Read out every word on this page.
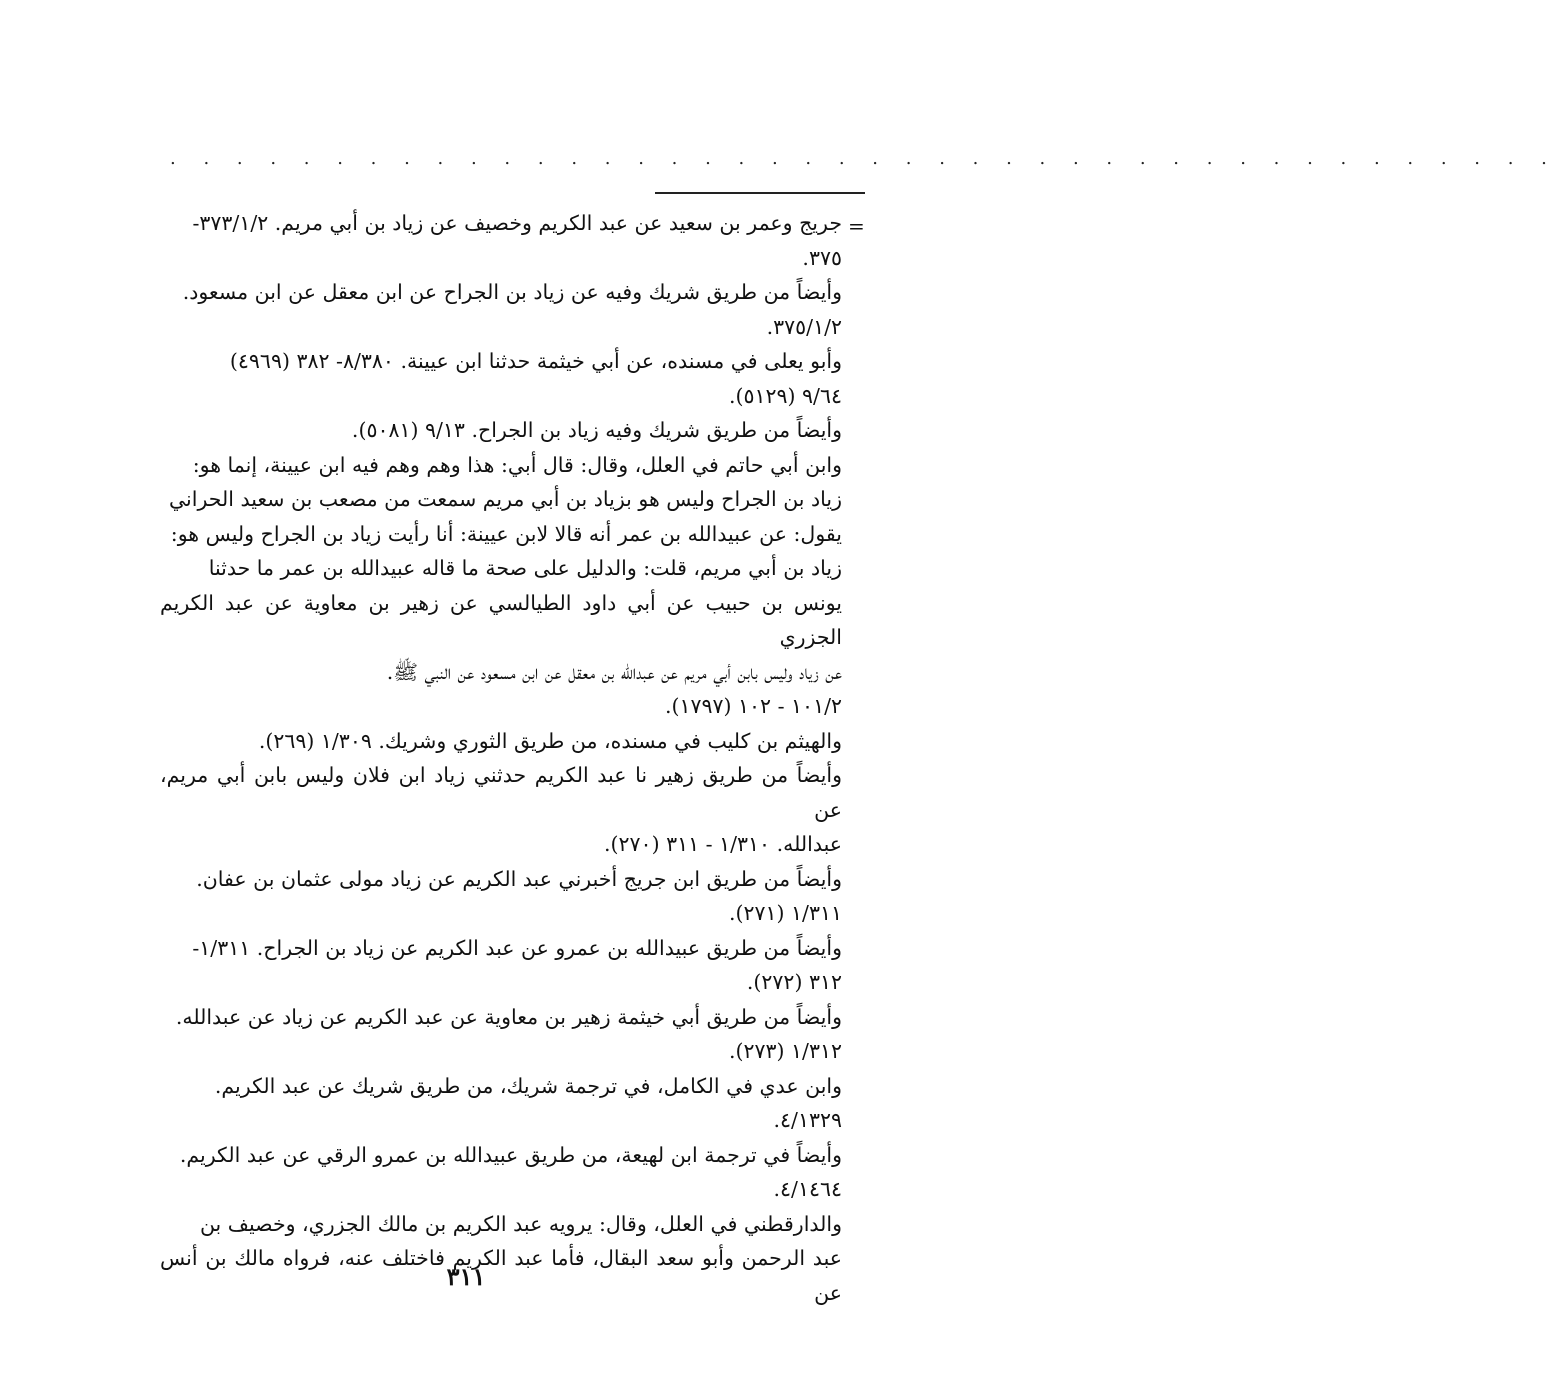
. . . . . . . . . . . . . . . . . . . . . . . . . . . . . . . . . . . . . . . . . .
=

جريج وعمر بن سعيد عن عبد الكريم وخصيف عن زياد بن أبي مريم. ٣٧٣/١/٢-

٣٧٥.

وأيضاً من طريق شريك وفيه عن زياد بن الجراح عن ابن معقل عن ابن مسعود.

٣٧٥/١/٢.

وأبو يعلى في مسنده، عن أبي خيثمة حدثنا ابن عيينة. ٨/٣٨٠- ٣٨٢ (٤٩٦٩)

٩/٦٤ (٥١٢٩).

وأيضاً من طريق شريك وفيه زياد بن الجراح. ٩/١٣ (٥٠٨١).

وابن أبي حاتم في العلل، وقال: قال أبي: هذا وهم وهم فيه ابن عيينة، إنما هو:

زياد بن الجراح وليس هو بزياد بن أبي مريم سمعت من مصعب بن سعيد الحراني

يقول: عن عبيدالله بن عمر أنه قالا لابن عيينة: أنا رأيت زياد بن الجراح وليس هو:

زياد بن أبي مريم، قلت: والدليل على صحة ما قاله عبيدالله بن عمر ما حدثنا

يونس بن حبيب عن أبي داود الطيالسي عن زهير بن معاوية عن عبد الكريم الجزري

عن زياد وليس بابن أبي مريم عن عبدالله بن معقل عن ابن مسعود عن النبي ﷺ.

١٠١/٢ - ١٠٢ (١٧٩٧).

والهيثم بن كليب في مسنده، من طريق الثوري وشريك. ١/٣٠٩ (٢٦٩).

وأيضاً من طريق زهير نا عبد الكريم حدثني زياد ابن فلان وليس بابن أبي مريم، عن

عبدالله. ١/٣١٠ - ٣١١ (٢٧٠).

وأيضاً من طريق ابن جريج أخبرني عبد الكريم عن زياد مولى عثمان بن عفان.

١/٣١١ (٢٧١).

وأيضاً من طريق عبيدالله بن عمرو عن عبد الكريم عن زياد بن الجراح. ١/٣١١-

٣١٢ (٢٧٢).

وأيضاً من طريق أبي خيثمة زهير بن معاوية عن عبد الكريم عن زياد عن عبدالله.

١/٣١٢ (٢٧٣).

وابن عدي في الكامل، في ترجمة شريك، من طريق شريك عن عبد الكريم.

٤/١٣٢٩.

وأيضاً في ترجمة ابن لهيعة، من طريق عبيدالله بن عمرو الرقي عن عبد الكريم.

٤/١٤٦٤.

والدارقطني في العلل، وقال: يرويه عبد الكريم بن مالك الجزري، وخصيف بن

عبد الرحمن وأبو سعد البقال، فأما عبد الكريم فاختلف عنه، فرواه مالك بن أنس عن

٣١١
